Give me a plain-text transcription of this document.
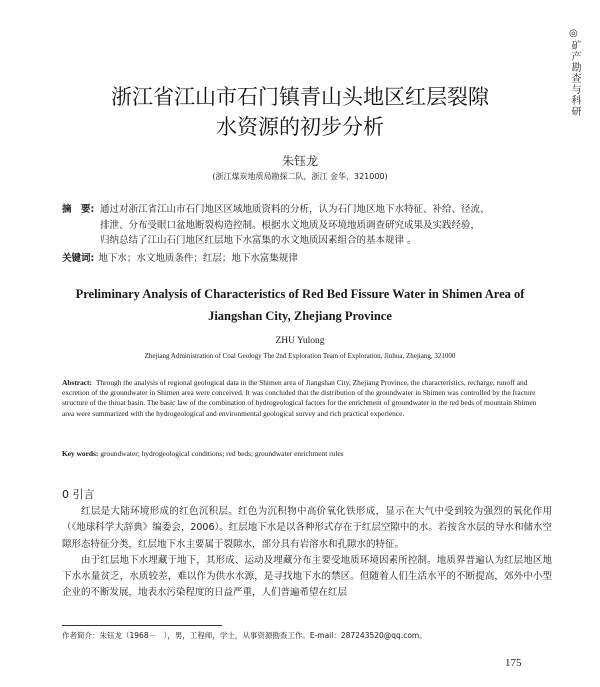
◎
矿产勘查与科研
浙江省江山市石门镇青山头地区红层裂隙
水资源的初步分析
朱钰龙
(浙江煤炭地质局勘探二队，浙江 金华，321000)
摘　要: 通过对浙江省江山市石门地区区域地质资料的分析，认为石门地区地下水特征、补给、径流、
排泄、分布受眼口盆地断裂构造控制。根据水文地质及环境地质调查研究成果及实践经验，
归纳总结了江山石门地区红层地下水富集的水文地质因素组合的基本规律 。
关键词: 地下水；水文地质条件；红层；地下水富集规律
Preliminary Analysis of Characteristics of Red Bed Fissure Water in Shimen Area of
Jiangshan City, Zhejiang Province
ZHU Yulong
Zhejiang Administration of Coal Geology The 2nd Exploration Team of Exploration, Jinhua, Zhejiang, 321000
Abstract: Through the analysis of regional geological data in the Shimen area of Jiangshan City, Zhejiang Province, the characteristics, recharge, runoff and excretion of the groundwater in Shimen area were conceived. It was concluded that the distribution of the groundwater in Shimen was controlled by the fracture structure of the throat basin. The basic law of the combination of hydrogeological factors for the enrichment of groundwater in the red beds of mountain Shimen area were summarized with the hydrogeological and environmental geological survey and rich practical experience.
Key words: groundwater; hydrogeological conditions; red beds; groundwater enrichment rules
0 引言

红层是大陆环境形成的红色沉积层。红色为沉积物中高价氧化铁形成，显示在大气中受到较为强烈的氧化作用（《地球科学大辞典》编委会，2006）。红层地下水是以各种形式存在于红层空隙中的水。若按含水层的导水和储水空隙形态特征分类，红层地下水主要属于裂隙水，部分具有岩溶水和孔隙水的特征。

由于红层地下水埋藏于地下，其形成、运动及埋藏分布主要受地质环境因素所控制。地质界普遍认为红层地区地下水水量贫乏，水质较差，难以作为供水水源，是寻找地下水的禁区。但随着人们生活水平的不断提高，郊外中小型企业的不断发展，地表水污染程度的日益严重，人们普遍希望在红层

作者简介：朱钰龙（1968－　），男，工程师，学士，从事资源勘查工作。E-mail：287243520@qq.com。
175
